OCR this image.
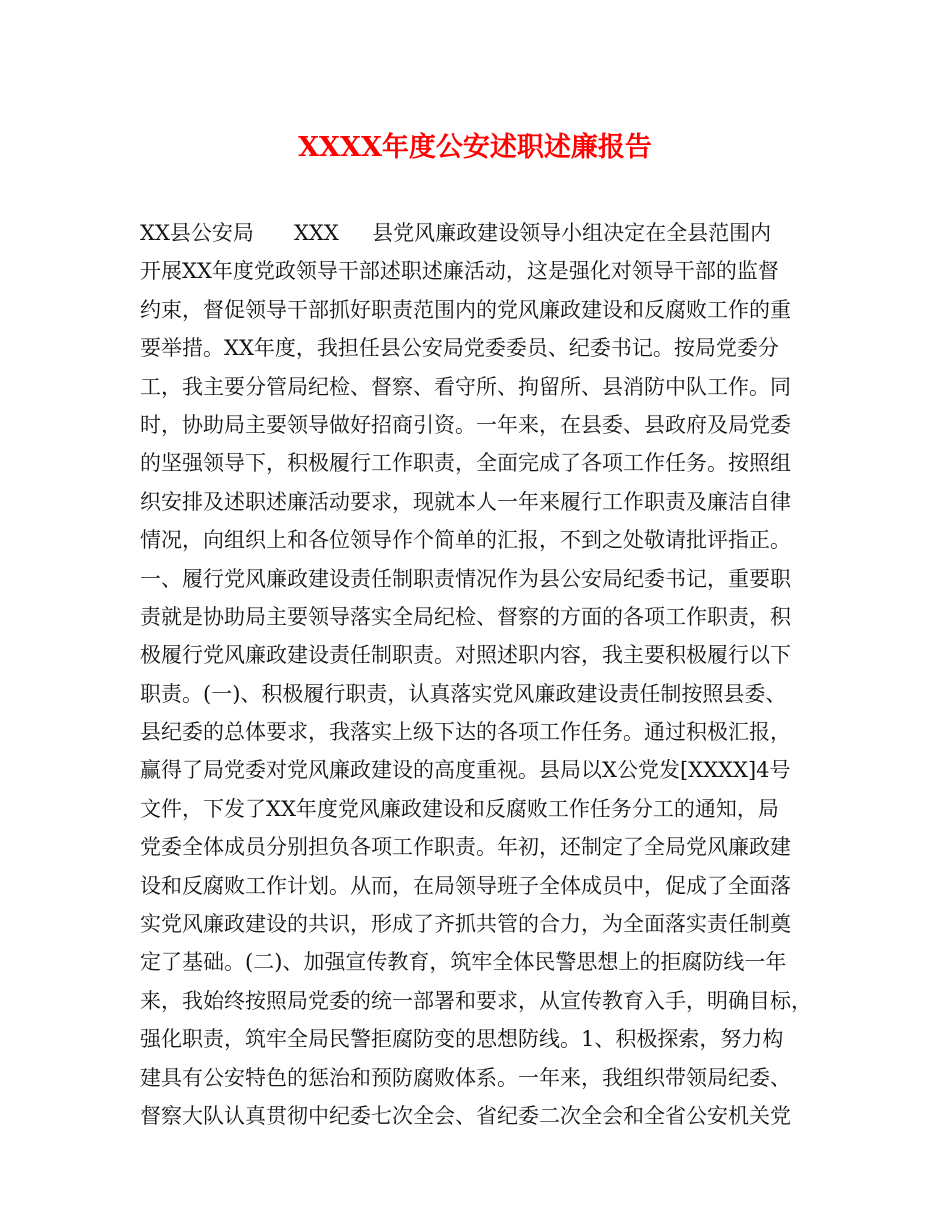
XXXX年度公安述职述廉报告
XX县公安局      XXX     县党风廉政建设领导小组决定在全县范围内
开展XX年度党政领导干部述职述廉活动，这是强化对领导干部的监督
约束，督促领导干部抓好职责范围内的党风廉政建设和反腐败工作的重
要举措。XX年度，我担任县公安局党委委员、纪委书记。按局党委分
工，我主要分管局纪检、督察、看守所、拘留所、县消防中队工作。同
时，协助局主要领导做好招商引资。一年来，在县委、县政府及局党委
的坚强领导下，积极履行工作职责，全面完成了各项工作任务。按照组
织安排及述职述廉活动要求，现就本人一年来履行工作职责及廉洁自律
情况，向组织上和各位领导作个简单的汇报，不到之处敬请批评指正。
一、履行党风廉政建设责任制职责情况作为县公安局纪委书记，重要职
责就是协助局主要领导落实全局纪检、督察的方面的各项工作职责，积
极履行党风廉政建设责任制职责。对照述职内容，我主要积极履行以下
职责。(一)、积极履行职责，认真落实党风廉政建设责任制按照县委、
县纪委的总体要求，我落实上级下达的各项工作任务。通过积极汇报，
赢得了局党委对党风廉政建设的高度重视。县局以X公党发[XXXX]4号
文件，下发了XX年度党风廉政建设和反腐败工作任务分工的通知，局
党委全体成员分别担负各项工作职责。年初，还制定了全局党风廉政建
设和反腐败工作计划。从而，在局领导班子全体成员中，促成了全面落
实党风廉政建设的共识，形成了齐抓共管的合力，为全面落实责任制奠
定了基础。(二)、加强宣传教育，筑牢全体民警思想上的拒腐防线一年
来，我始终按照局党委的统一部署和要求，从宣传教育入手，明确目标，
强化职责，筑牢全局民警拒腐防变的思想防线。1、积极探索，努力构
建具有公安特色的惩治和预防腐败体系。一年来，我组织带领局纪委、
督察大队认真贯彻中纪委七次全会、省纪委二次全会和全省公安机关党
